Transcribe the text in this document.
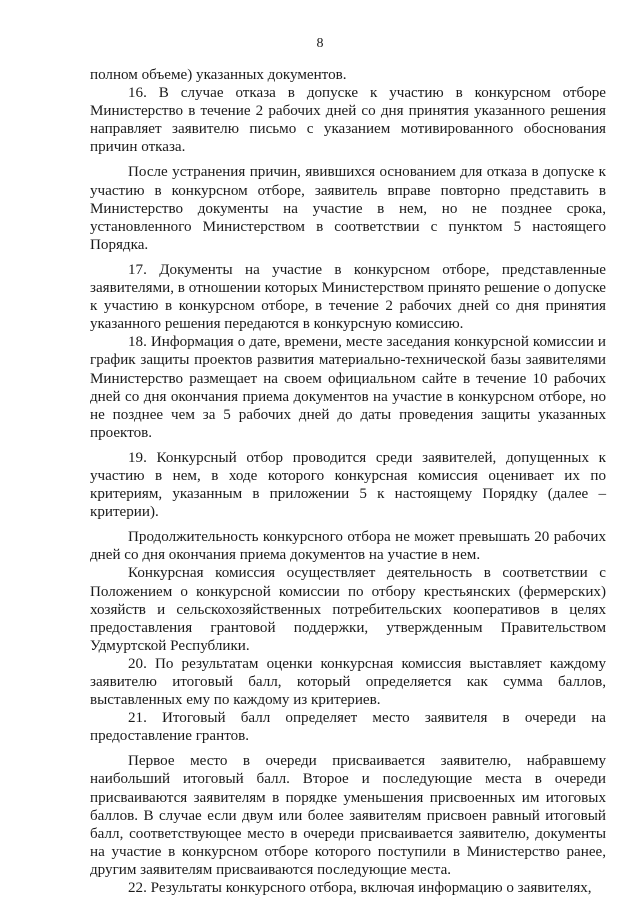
8

полном объеме) указанных документов.

16. В случае отказа в допуске к участию в конкурсном отборе Министерство в течение 2 рабочих дней со дня принятия указанного решения направляет заявителю письмо с указанием мотивированного обоснования причин отказа.

После устранения причин, явившихся основанием для отказа в допуске к участию в конкурсном отборе, заявитель вправе повторно представить в Министерство документы на участие в нем, но не позднее срока, установленного Министерством в соответствии с пунктом 5 настоящего Порядка.

17. Документы на участие в конкурсном отборе, представленные заявителями, в отношении которых Министерством принято решение о допуске к участию в конкурсном отборе, в течение 2 рабочих дней со дня принятия указанного решения передаются в конкурсную комиссию.

18. Информация о дате, времени, месте заседания конкурсной комиссии и график защиты проектов развития материально-технической базы заявителями Министерство размещает на своем официальном сайте в течение 10 рабочих дней со дня окончания приема документов на участие в конкурсном отборе, но не позднее чем за 5 рабочих дней до даты проведения защиты указанных проектов.

19. Конкурсный отбор проводится среди заявителей, допущенных к участию в нем, в ходе которого конкурсная комиссия оценивает их по критериям, указанным в приложении 5 к настоящему Порядку (далее – критерии).

Продолжительность конкурсного отбора не может превышать 20 рабочих дней со дня окончания приема документов на участие в нем.

Конкурсная комиссия осуществляет деятельность в соответствии с Положением о конкурсной комиссии по отбору крестьянских (фермерских) хозяйств и сельскохозяйственных потребительских кооперативов в целях предоставления грантовой поддержки, утвержденным Правительством Удмуртской Республики.

20. По результатам оценки конкурсная комиссия выставляет каждому заявителю итоговый балл, который определяется как сумма баллов, выставленных ему по каждому из критериев.

21. Итоговый балл определяет место заявителя в очереди на предоставление грантов.

Первое место в очереди присваивается заявителю, набравшему наибольший итоговый балл. Второе и последующие места в очереди присваиваются заявителям в порядке уменьшения присвоенных им итоговых баллов. В случае если двум или более заявителям присвоен равный итоговый балл, соответствующее место в очереди присваивается заявителю, документы на участие в конкурсном отборе которого поступили в Министерство ранее, другим заявителям присваиваются последующие места.

22. Результаты конкурсного отбора, включая информацию о заявителях,
